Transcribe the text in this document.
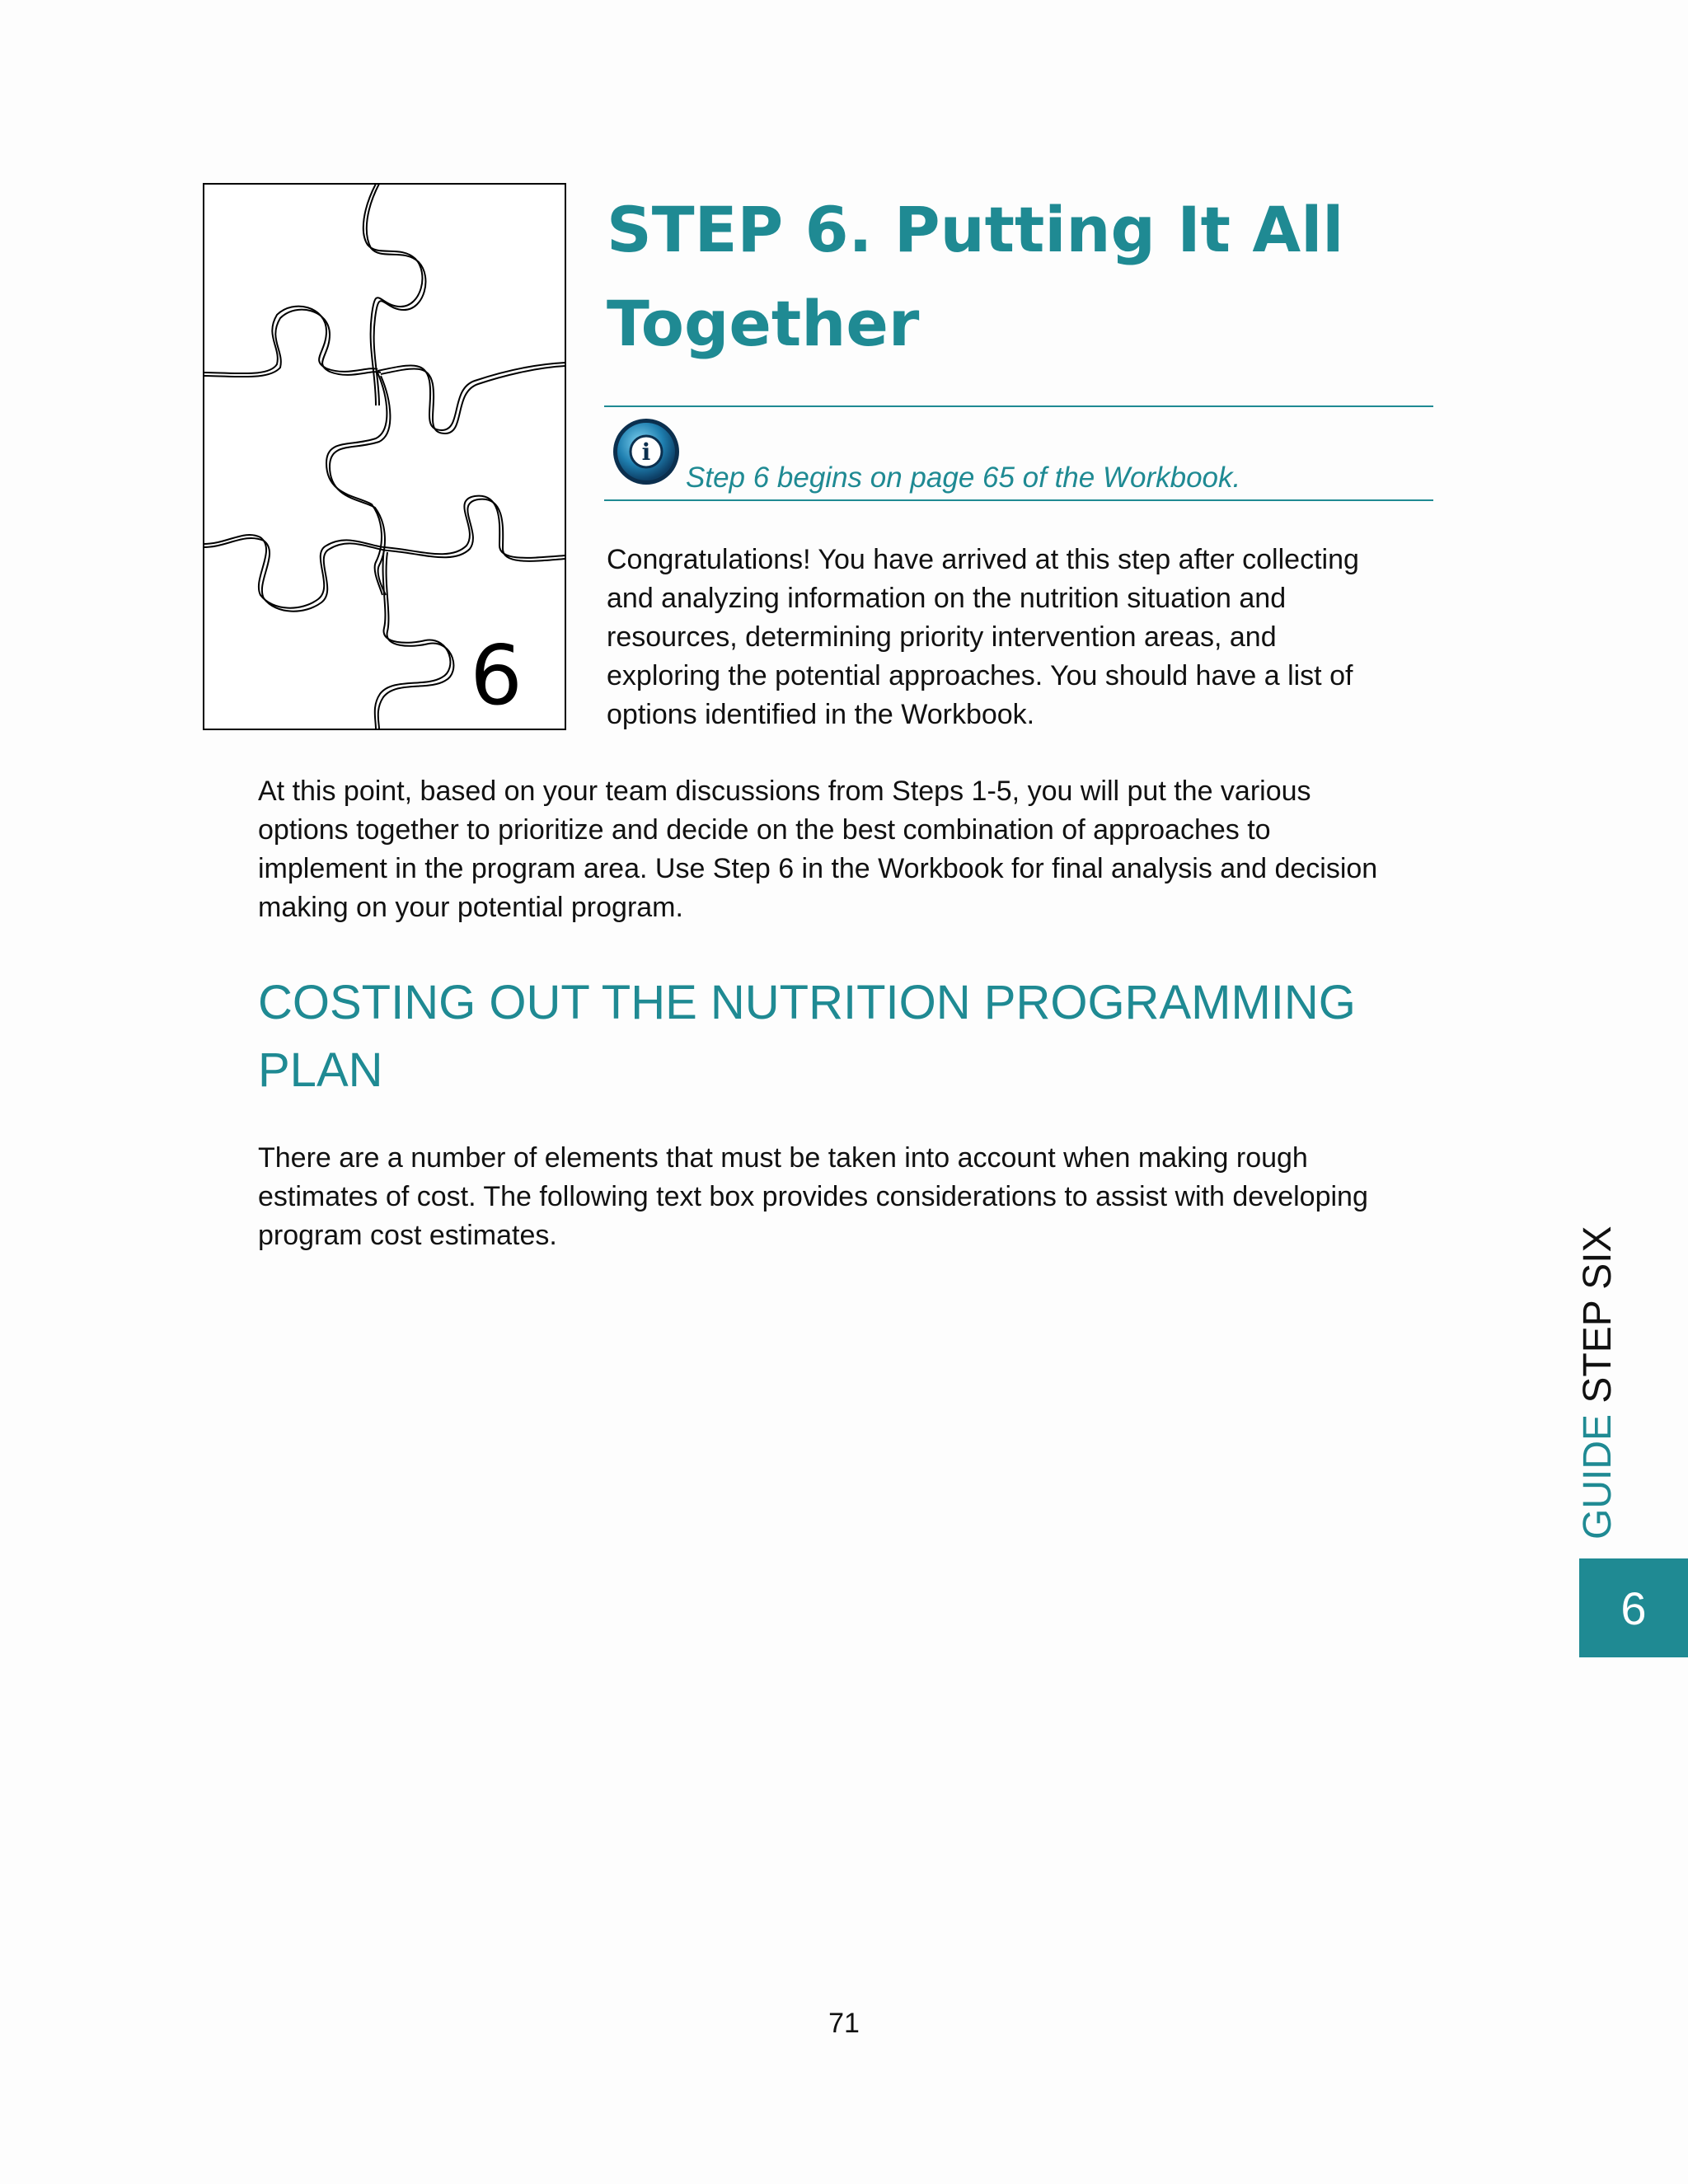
6
STEP 6. Putting It All
Together
i
Step 6 begins on page 65 of the Workbook.

Congratulations! You have arrived at this step after collecting
and analyzing information on the nutrition situation and
resources, determining priority intervention areas, and
exploring the potential approaches. You should have a list of
options identified in the Workbook.

At this point, based on your team discussions from Steps 1-5, you will put the various
options together to prioritize and decide on the best combination of approaches to
implement in the program area. Use Step 6 in the Workbook for final analysis and decision
making on your potential program.

COSTING OUT THE NUTRITION PROGRAMMING
PLAN

There are a number of elements that must be taken into account when making rough
estimates of cost. The following text box provides considerations to assist with developing
program cost estimates.

GUIDE STEP SIX
6
71
